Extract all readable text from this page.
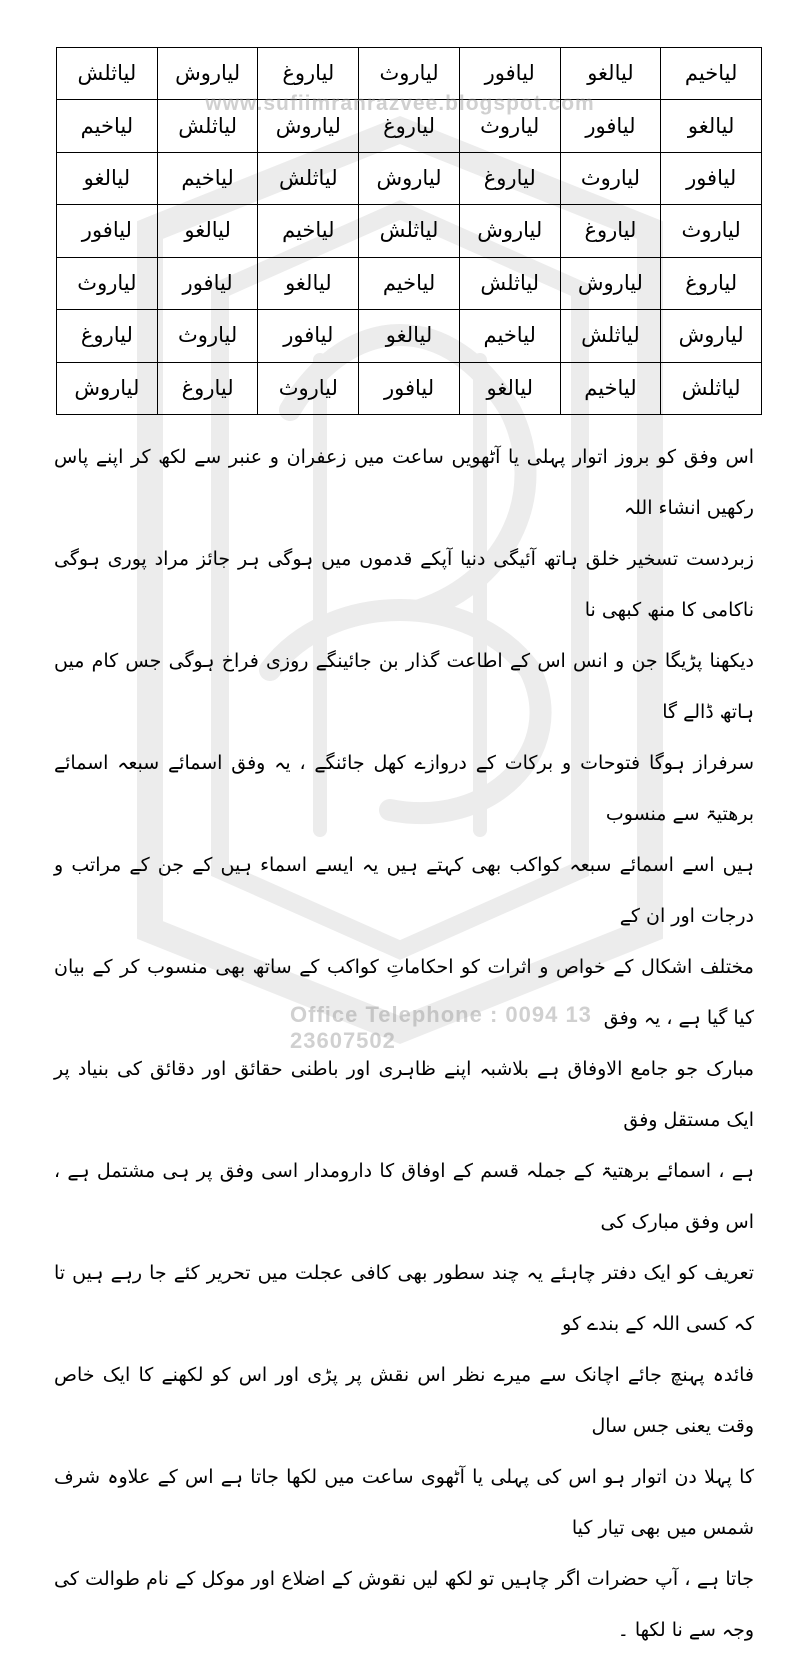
www.sufiimranrazvee.blogspot.com
لیاخیم	لیالغو	لیافور	لیاروث	لیاروغ	لیاروش	لیاثلش
لیالغو	لیافور	لیاروث	لیاروغ	لیاروش	لیاثلش	لیاخیم
لیافور	لیاروث	لیاروغ	لیاروش	لیاثلش	لیاخیم	لیالغو
لیاروث	لیاروغ	لیاروش	لیاثلش	لیاخیم	لیالغو	لیافور
لیاروغ	لیاروش	لیاثلش	لیاخیم	لیالغو	لیافور	لیاروث
لیاروش	لیاثلش	لیاخیم	لیالغو	لیافور	لیاروث	لیاروغ
لیاثلش	لیاخیم	لیالغو	لیافور	لیاروث	لیاروغ	لیاروش
اس وفق کو بروز اتوار پہلی یا آٹھویں ساعت میں زعفران و عنبر سے لکھ کر اپنے پاس رکھیں انشاء اللہ
زبردست تسخیر خلق ہاتھ آئیگی دنیا آپکے قدموں میں ہوگی ہر جائز مراد پوری ہوگی ناکامی کا منھ کبھی نا
دیکھنا پڑیگا جن و انس اس کے اطاعت گذار بن جائینگے روزی فراخ ہوگی جس کام میں ہاتھ ڈالے گا
سرفراز ہوگا فتوحات و برکات کے دروازے کھل جائنگے ، یہ وفق اسمائے سبعہ اسمائے برھتیۃ سے منسوب
ہیں اسے اسمائے سبعہ کواکب بھی کہتے ہیں یہ ایسے اسماء ہیں کے جن کے مراتب و درجات اور ان کے
مختلف اشکال کے خواص و اثرات کو احکاماتِ کواکب کے ساتھ بھی منسوب کر کے بیان کیا گیا ہے ، یہ وفق
مبارک جو جامع الاوفاق ہے بلاشبہ اپنے ظاہری اور باطنی حقائق اور دقائق کی بنیاد پر ایک مستقل وفق
ہے ، اسمائے برھتیۃ کے جملہ قسم کے اوفاق کا دارومدار اسی وفق پر ہی مشتمل ہے ، اس وفق مبارک کی
تعریف کو ایک دفتر چاہئے یہ چند سطور بھی کافی عجلت میں تحریر کئے جا رہے ہیں تا کہ کسی اللہ کے بندے کو
فائدہ پہنچ جائے اچانک سے میرے نظر اس نقش پر پڑی اور اس کو لکھنے کا ایک خاص وقت یعنی جس سال
کا پہلا دن اتوار ہو اس کی پہلی یا آٹھوی ساعت میں لکھا جاتا ہے اس کے علاوہ شرف شمس میں بھی تیار کیا
جاتا ہے ، آپ حضرات اگر چاہیں تو لکھ لیں نقوش کے اضلاع اور موکل کے نام طوالت کی وجہ سے نا لکھا ۔
Office Telephone : 0094 13 23607502
